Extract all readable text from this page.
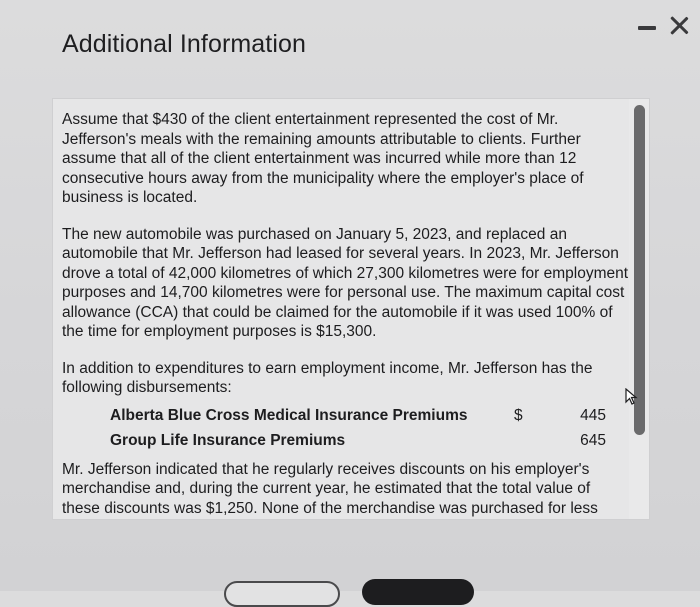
Additional Information

Assume that $430 of the client entertainment represented the cost of Mr. Jefferson's meals with the remaining amounts attributable to clients. Further assume that all of the client entertainment was incurred while more than 12 consecutive hours away from the municipality where the employer's place of business is located.

The new automobile was purchased on January 5, 2023, and replaced an automobile that Mr. Jefferson had leased for several years. In 2023, Mr. Jefferson drove a total of 42,000 kilometres of which 27,300 kilometres were for employment purposes and 14,700 kilometres were for personal use. The maximum capital cost allowance (CCA) that could be claimed for the automobile if it was used 100% of the time for employment purposes is $15,300.

In addition to expenditures to earn employment income, Mr. Jefferson has the following disbursements:

Alberta Blue Cross Medical Insurance Premiums	$	445
Group Life Insurance Premiums	645

Mr. Jefferson indicated that he regularly receives discounts on his employer's merchandise and, during the current year, he estimated that the total value of these discounts was $1,250. None of the merchandise was purchased for less
